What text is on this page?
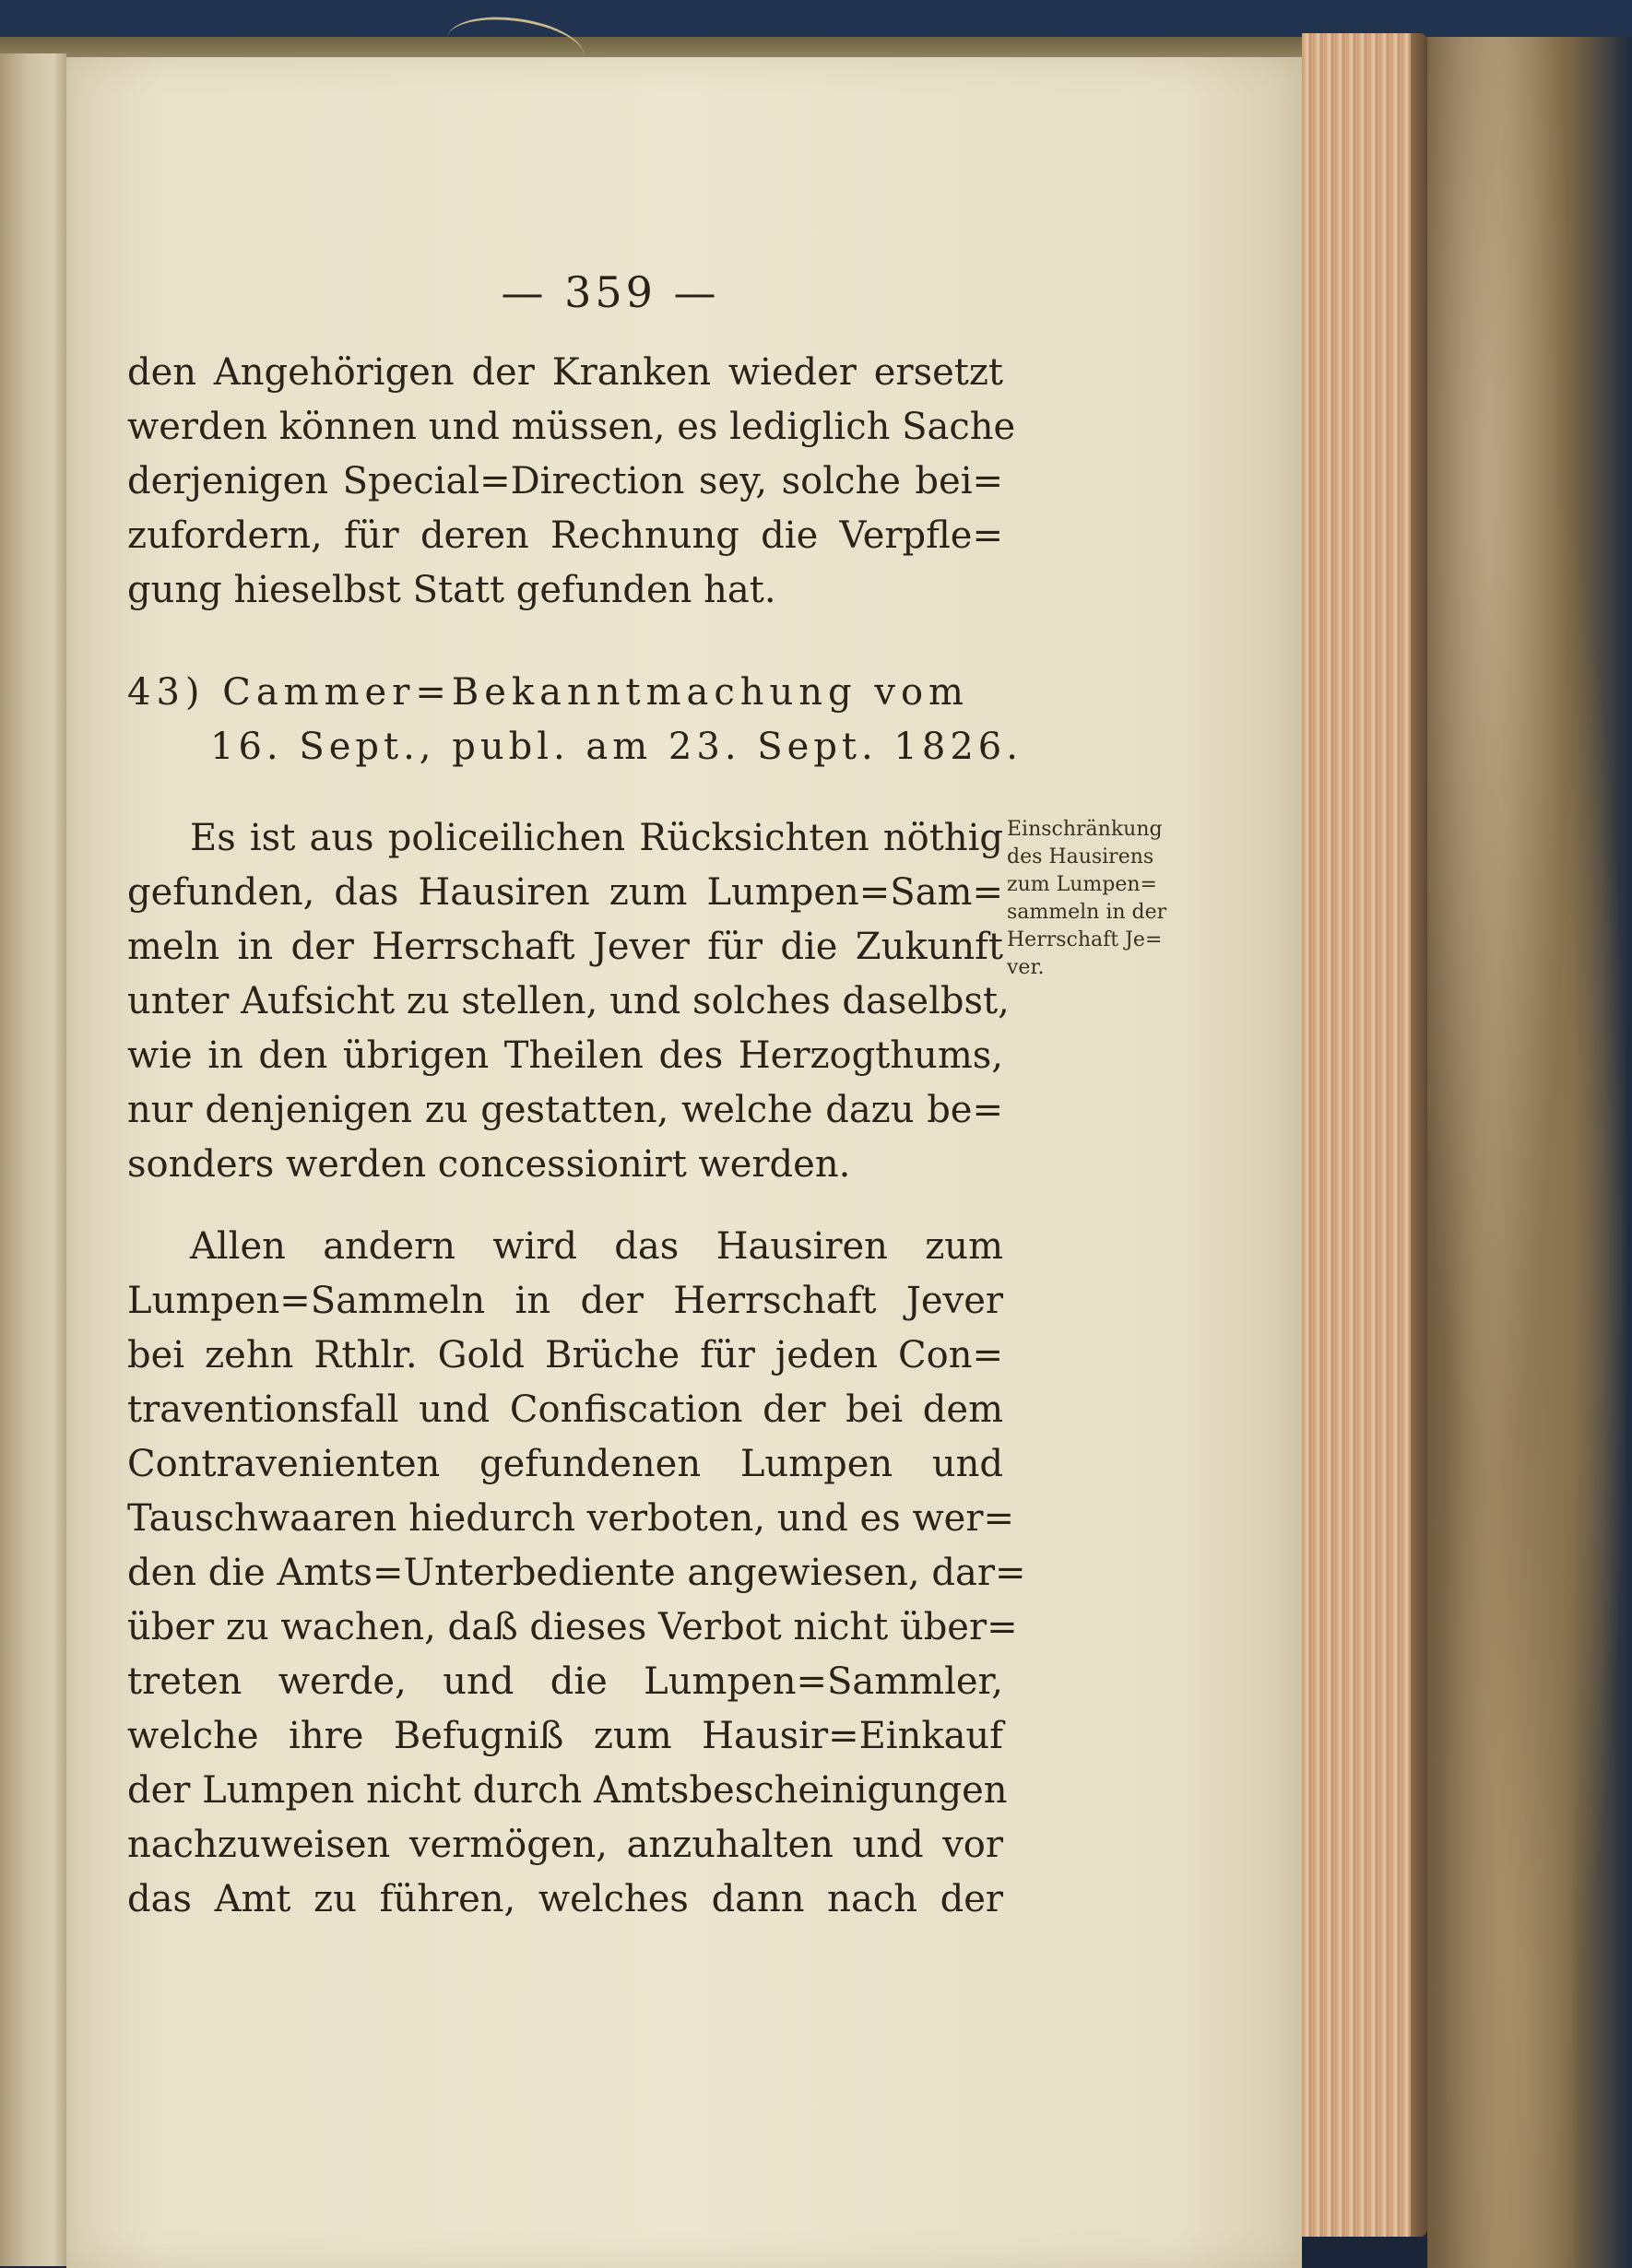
— 359 —
den Angehörigen der Kranken wieder ersetzt
werden können und müssen, es lediglich Sache
derjenigen Special=Direction sey, solche bei=
zufordern, für deren Rechnung die Verpfle=
gung hieselbst Statt gefunden hat.
43) Cammer=Bekanntmachung vom
16. Sept., publ. am 23. Sept. 1826.
Es ist aus policeilichen Rücksichten nöthig
gefunden, das Hausiren zum Lumpen=Sam=
meln in der Herrschaft Jever für die Zukunft
unter Aufsicht zu stellen, und solches daselbst,
wie in den übrigen Theilen des Herzogthums,
nur denjenigen zu gestatten, welche dazu be=
sonders werden concessionirt werden.
Einschränkung
des Hausirens
zum Lumpen=
sammeln in der
Herrschaft Je=
ver.
Allen andern wird das Hausiren zum
Lumpen=Sammeln in der Herrschaft Jever
bei zehn Rthlr. Gold Brüche für jeden Con=
traventionsfall und Confiscation der bei dem
Contravenienten gefundenen Lumpen und
Tauschwaaren hiedurch verboten, und es wer=
den die Amts=Unterbediente angewiesen, dar=
über zu wachen, daß dieses Verbot nicht über=
treten werde, und die Lumpen=Sammler,
welche ihre Befugniß zum Hausir=Einkauf
der Lumpen nicht durch Amtsbescheinigungen
nachzuweisen vermögen, anzuhalten und vor
das Amt zu führen, welches dann nach der
